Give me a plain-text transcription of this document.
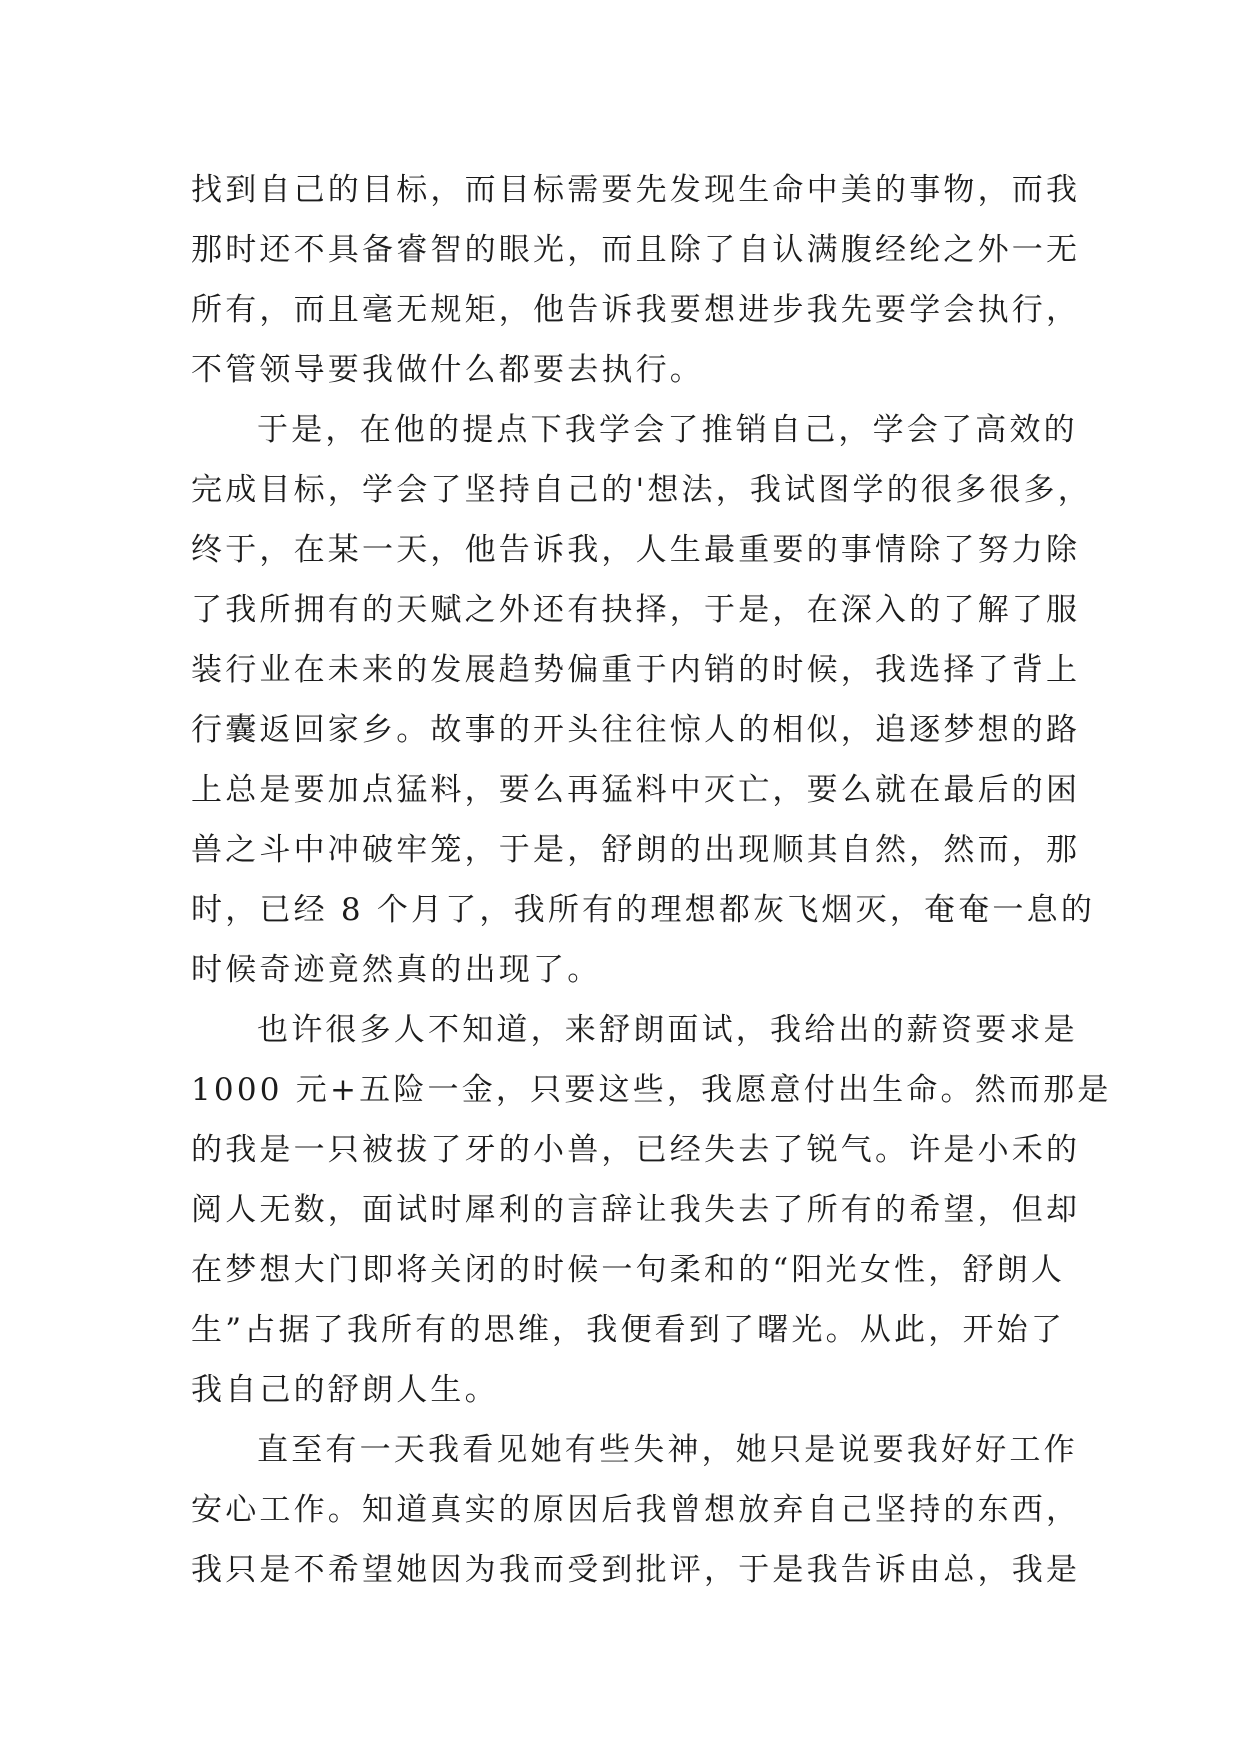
找到自己的目标，而目标需要先发现生命中美的事物，而我
那时还不具备睿智的眼光，而且除了自认满腹经纶之外一无
所有，而且毫无规矩，他告诉我要想进步我先要学会执行，
不管领导要我做什么都要去执行。
于是，在他的提点下我学会了推销自己，学会了高效的
完成目标，学会了坚持自己的'想法，我试图学的很多很多，
终于，在某一天，他告诉我，人生最重要的事情除了努力除
了我所拥有的天赋之外还有抉择，于是，在深入的了解了服
装行业在未来的发展趋势偏重于内销的时候，我选择了背上
行囊返回家乡。故事的开头往往惊人的相似，追逐梦想的路
上总是要加点猛料，要么再猛料中灭亡，要么就在最后的困
兽之斗中冲破牢笼，于是，舒朗的出现顺其自然，然而，那
时，已经 8 个月了，我所有的理想都灰飞烟灭，奄奄一息的
时候奇迹竟然真的出现了。
也许很多人不知道，来舒朗面试，我给出的薪资要求是
1000 元+五险一金，只要这些，我愿意付出生命。然而那是
的我是一只被拔了牙的小兽，已经失去了锐气。许是小禾的
阅人无数，面试时犀利的言辞让我失去了所有的希望，但却
在梦想大门即将关闭的时候一句柔和的“阳光女性，舒朗人
生”占据了我所有的思维，我便看到了曙光。从此，开始了
我自己的舒朗人生。
直至有一天我看见她有些失神，她只是说要我好好工作
安心工作。知道真实的原因后我曾想放弃自己坚持的东西，
我只是不希望她因为我而受到批评，于是我告诉由总，我是
